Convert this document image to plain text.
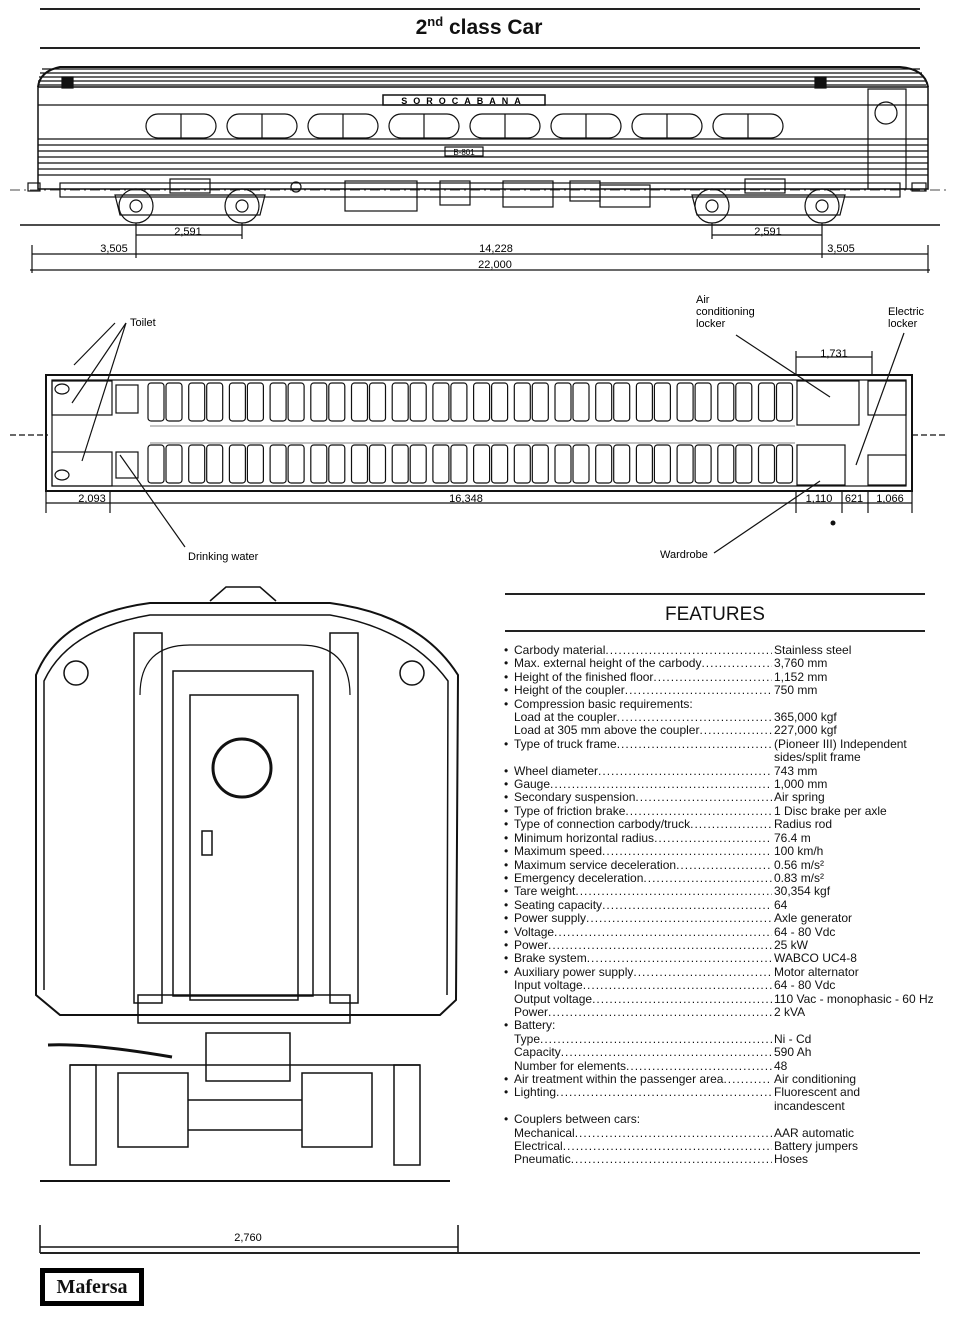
2nd class Car
SOROCABANA
B-801
2,591	2,591
3,505	14,228	3,505
22,000
Toilet
Air conditioning locker
Electric locker
Drinking water	Wardrobe
1,731
2,093	16,348	1,110 621 1,066
2,760
FEATURES
• Carbody material .....	Stainless steel
• Max. external height of the carbody .....	3,760 mm
• Height of the finished floor .....	1,152 mm
• Height of the coupler .....	750 mm
• Compression basic requirements:
Load at the coupler .....	365,000 kgf
Load at 305 mm above the coupler .....	227,000 kgf
• Type of truck frame .....	(Pioneer III) Independent
sides/split frame
• Wheel diameter .....	743 mm
• Gauge .....	1,000 mm
• Secondary suspension .....	Air spring
• Type of friction brake .....	1 Disc brake per axle
• Type of connection carbody/truck .....	Radius rod
• Minimum horizontal radius .....	76.4 m
• Maximum speed .....	100 km/h
• Maximum service deceleration .....	0.56 m/s²
• Emergency deceleration .....	0.83 m/s²
• Tare weight .....	30,354 kgf
• Seating capacity .....	64
• Power supply .....	Axle generator
• Voltage .....	64 - 80 Vdc
• Power .....	25 kW
• Brake system .....	WABCO UC4-8
• Auxiliary power supply .....	Motor alternator
Input voltage .....	64 - 80 Vdc
Output voltage .....	110 Vac - monophasic - 60 Hz
Power .....	2 kVA
• Battery:
Type .....	Ni - Cd
Capacity .....	590 Ah
Number for elements .....	48
• Air treatment within the passenger area .....	Air conditioning
• Lighting .....	Fluorescent and
incandescent
• Couplers between cars:
Mechanical .....	AAR automatic
Electrical .....	Battery jumpers
Pneumatic .....	Hoses
Mafersa
